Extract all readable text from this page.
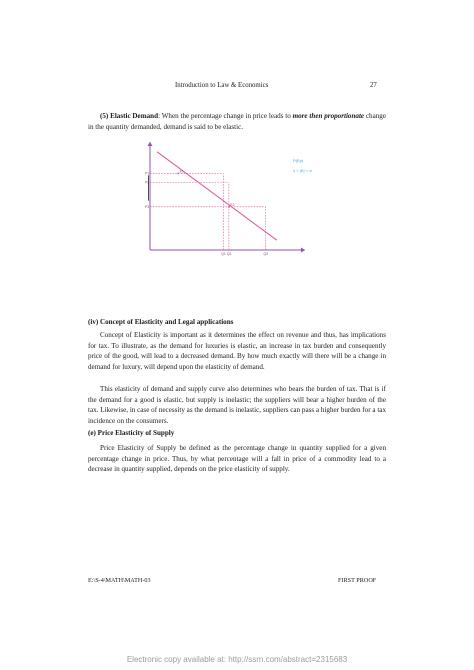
Introduction to Law & Economics	27
(5) Elastic Demand: When the percentage change in price leads to more then proportionate change in the quantity demanded, demand is said to be elastic.
P1
P2
P3
Q1 Q2	Q3
E1
E2
P(Ep)
1 < |E| < ∞
(iv) Concept of Elasticity and Legal applications
Concept of Elasticity is important as it determines the effect on revenue and thus, has implications for tax. To illustrate, as the demand for luxuries is elastic, an increase in tax burden and consequently price of the good, will lead to a decreased demand. By how much exactly will there will be a change in demand for luxury, will depend upon the elasticity of demand.
This elasticity of demand and supply curve also determines who bears the burden of tax. That is if the demand for a good is elastic, but supply is inelastic; the suppliers will bear a higher burden of the tax. Likewise, in case of necessity as the demand is inelastic, suppliers can pass a higher burden for a tax incidence on the consumers.
(e) Price Elasticity of Supply
Price Elasticity of Supply be defined as the percentage change in quantity supplied for a given percentage change in price. Thus, by what percentage will a fall in price of a commodity lead to a decrease in quantity supplied, depends on the price elasticity of supply.
E:\S-4\MATH\MATH-03	FIRST PROOF
Electronic copy available at: http://ssrn.com/abstract=2315683
